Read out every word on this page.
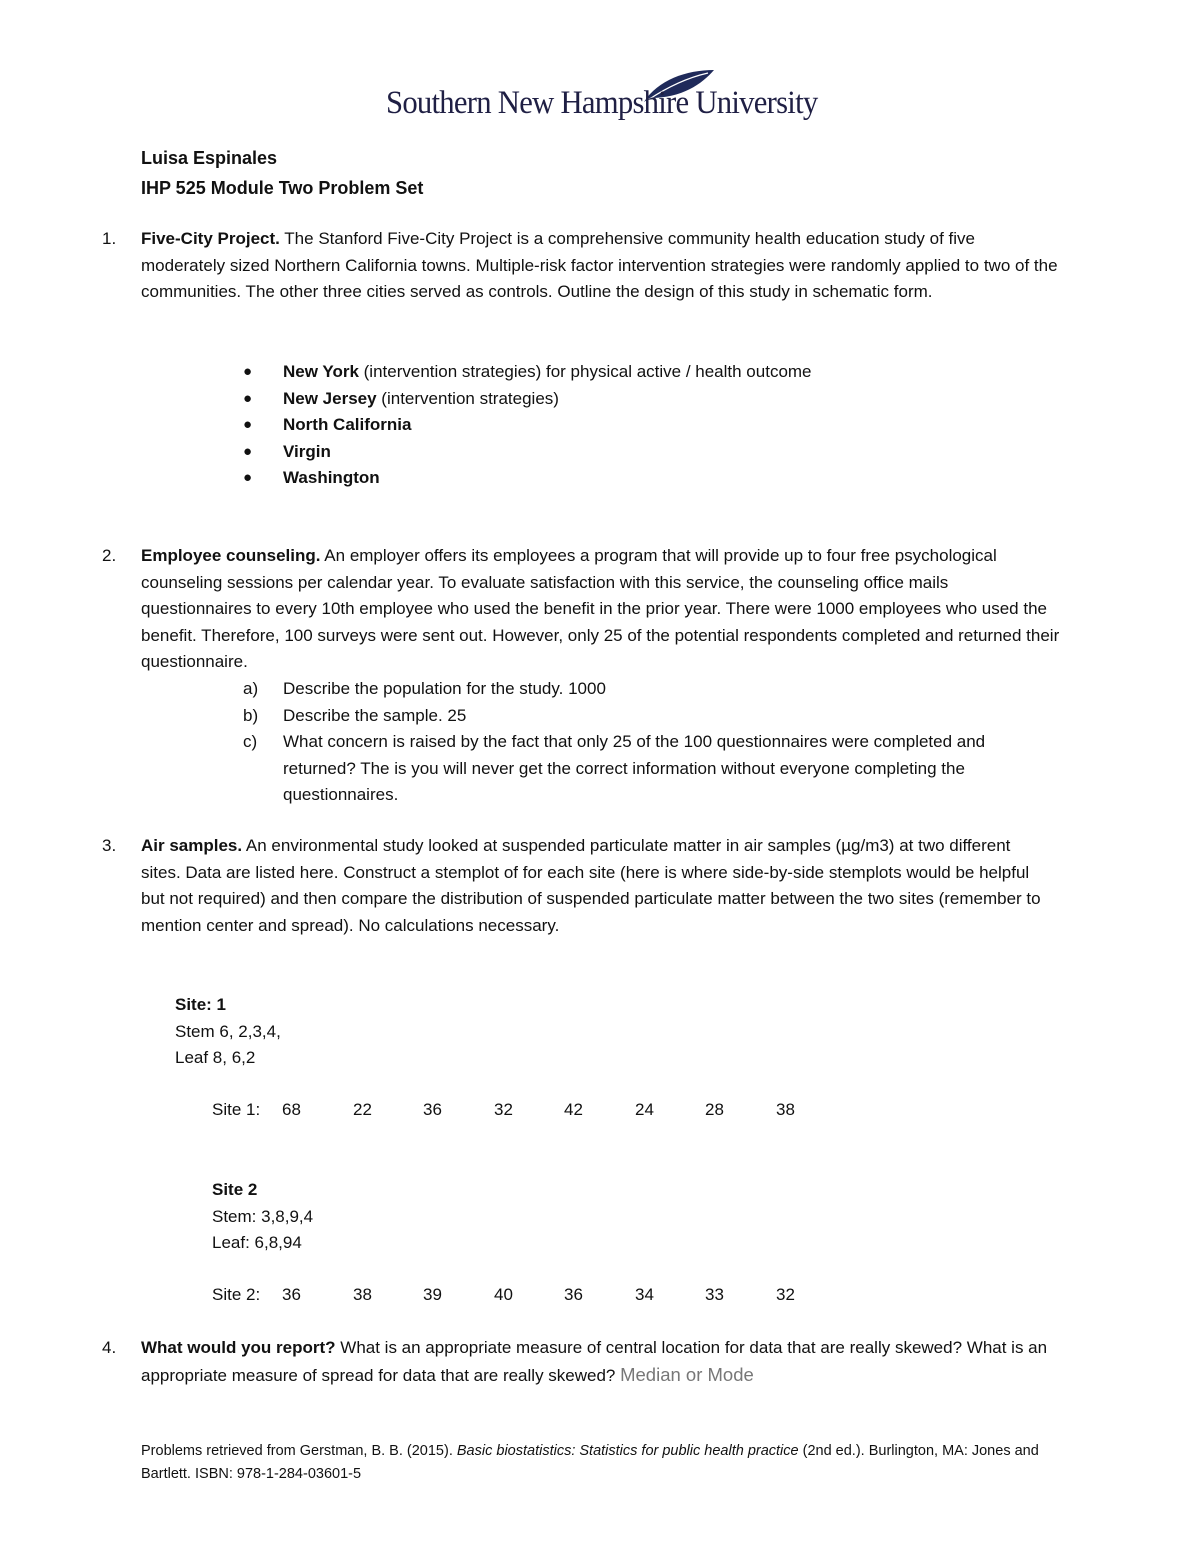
Southern New Hampshire University
Luisa Espinales
IHP 525 Module Two Problem Set
1.	Five-City Project. The Stanford Five-City Project is a comprehensive community health education study of five moderately sized Northern California towns. Multiple-risk factor intervention strategies were randomly applied to two of the communities. The other three cities served as controls. Outline the design of this study in schematic form.
● New York (intervention strategies) for physical active / health outcome
● New Jersey (intervention strategies)
● North California
● Virgin
● Washington
2.	Employee counseling. An employer offers its employees a program that will provide up to four free psychological counseling sessions per calendar year. To evaluate satisfaction with this service, the counseling office mails questionnaires to every 10th employee who used the benefit in the prior year. There were 1000 employees who used the benefit. Therefore, 100 surveys were sent out. However, only 25 of the potential respondents completed and returned their questionnaire.
a) Describe the population for the study. 1000
b) Describe the sample. 25
c) What concern is raised by the fact that only 25 of the 100 questionnaires were completed and returned? The is you will never get the correct information without everyone completing the questionnaires.
3.	Air samples. An environmental study looked at suspended particulate matter in air samples (µg/m3) at two different sites. Data are listed here. Construct a stemplot of for each site (here is where side-by-side stemplots would be helpful but not required) and then compare the distribution of suspended particulate matter between the two sites (remember to mention center and spread). No calculations necessary.
Site: 1
Stem 6, 2,3,4,
Leaf 8, 6,2
Site 1: 68	22	36	32	42	24	28	38
Site 2
Stem: 3,8,9,4
Leaf: 6,8,94
Site 2: 36	38	39	40	36	34	33	32
4.	What would you report? What is an appropriate measure of central location for data that are really skewed? What is an appropriate measure of spread for data that are really skewed? Median or Mode
Problems retrieved from Gerstman, B. B. (2015). Basic biostatistics: Statistics for public health practice (2nd ed.). Burlington, MA: Jones and Bartlett. ISBN: 978-1-284-03601-5
